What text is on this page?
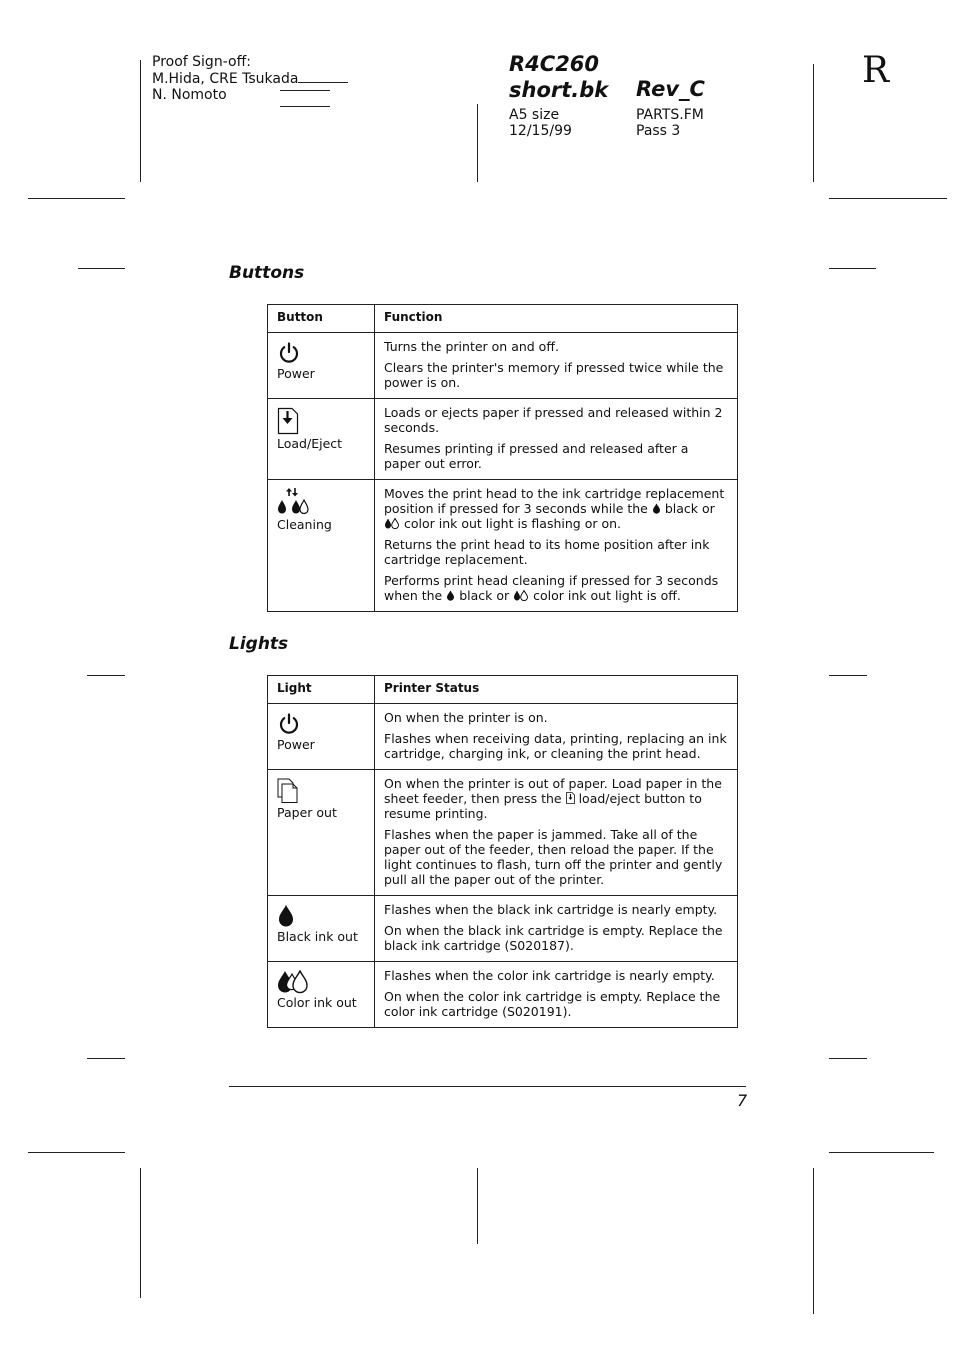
Proof Sign-off:
M.Hida, CRE Tsukada
N. Nomoto
R4C260
short.bk Rev_C
A5 size
12/15/99
PARTS.FM
Pass 3
R
Buttons
Button	Function

Power	Turns the printer on and off.

Clears the printer's memory if pressed twice while the power is on.

Load/Eject	Loads or ejects paper if pressed and released within 2 seconds.

Resumes printing if pressed and released after a paper out error.

Cleaning	Moves the print head to the ink cartridge replacement position if pressed for 3 seconds while the black or
color ink out light is flashing or on.

Returns the print head to its home position after ink cartridge replacement.

Performs print head cleaning if pressed for 3 seconds when the black or color ink out light is off.

Lights
Light	Printer Status

Power	On when the printer is on.

Flashes when receiving data, printing, replacing an ink cartridge, charging ink, or cleaning the print head.

Paper out	On when the printer is out of paper. Load paper in the sheet feeder, then press the load/eject button to resume printing.

Flashes when the paper is jammed. Take all of the paper out of the feeder, then reload the paper. If the light continues to flash, turn off the printer and gently pull all the paper out of the printer.

Black ink out	Flashes when the black ink cartridge is nearly empty.

On when the black ink cartridge is empty. Replace the black ink cartridge (S020187).

Color ink out	Flashes when the color ink cartridge is nearly empty.

On when the color ink cartridge is empty. Replace the color ink cartridge (S020191).

7
